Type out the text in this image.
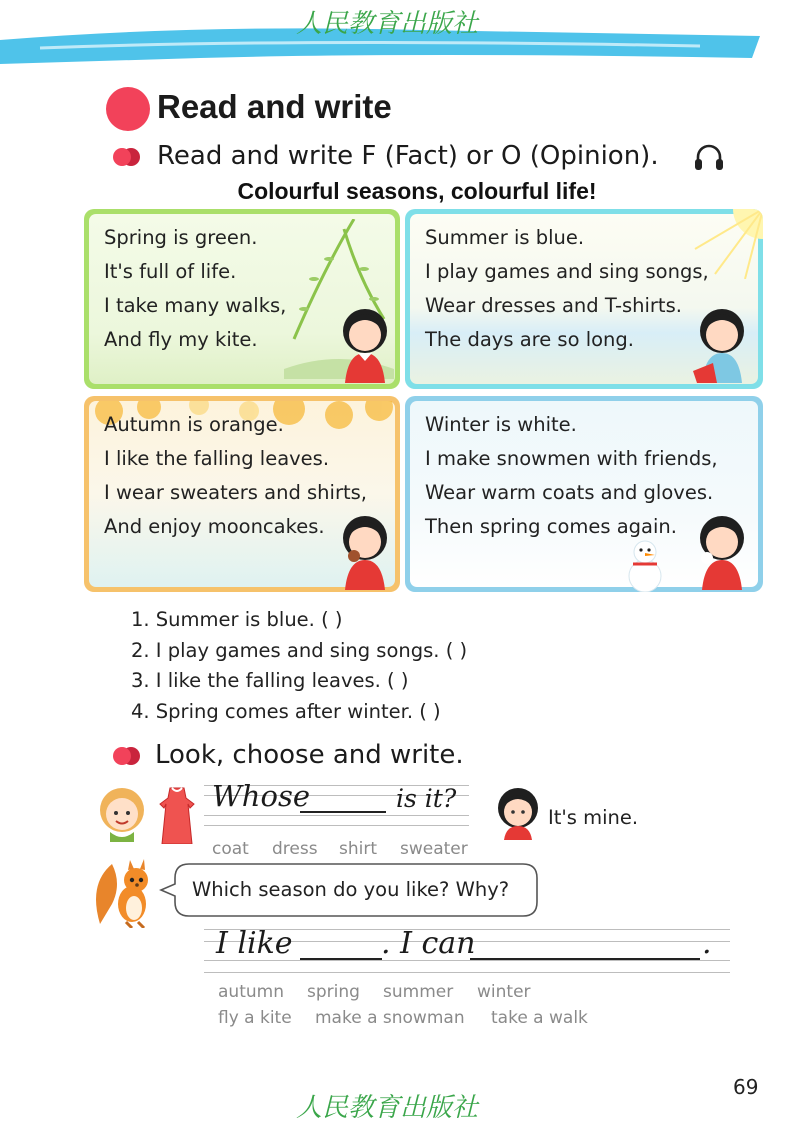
人民教育出版社
Read and write
Read and write F (Fact) or O (Opinion).
Colourful seasons, colourful life!
Spring is green.
It's full of life.
I take many walks,
And fly my kite.
Summer is blue.
I play games and sing songs,
Wear dresses and T-shirts.
The days are so long.
Autumn is orange.
I like the falling leaves.
I wear sweaters and shirts,
And enjoy mooncakes.
Winter is white.
I make snowmen with friends,
Wear warm coats and gloves.
Then spring comes again.
1. Summer is blue. ( )
2. I play games and sing songs. ( )
3. I like the falling leaves. ( )
4. Spring comes after winter. ( )
Look, choose and write.
Whose	is it?
It's mine.
coat dress shirt sweater
Which season do you like? Why?
I like	. I can	.
autumn spring summer winter
fly a kite make a snowman take a walk
69
人民教育出版社
